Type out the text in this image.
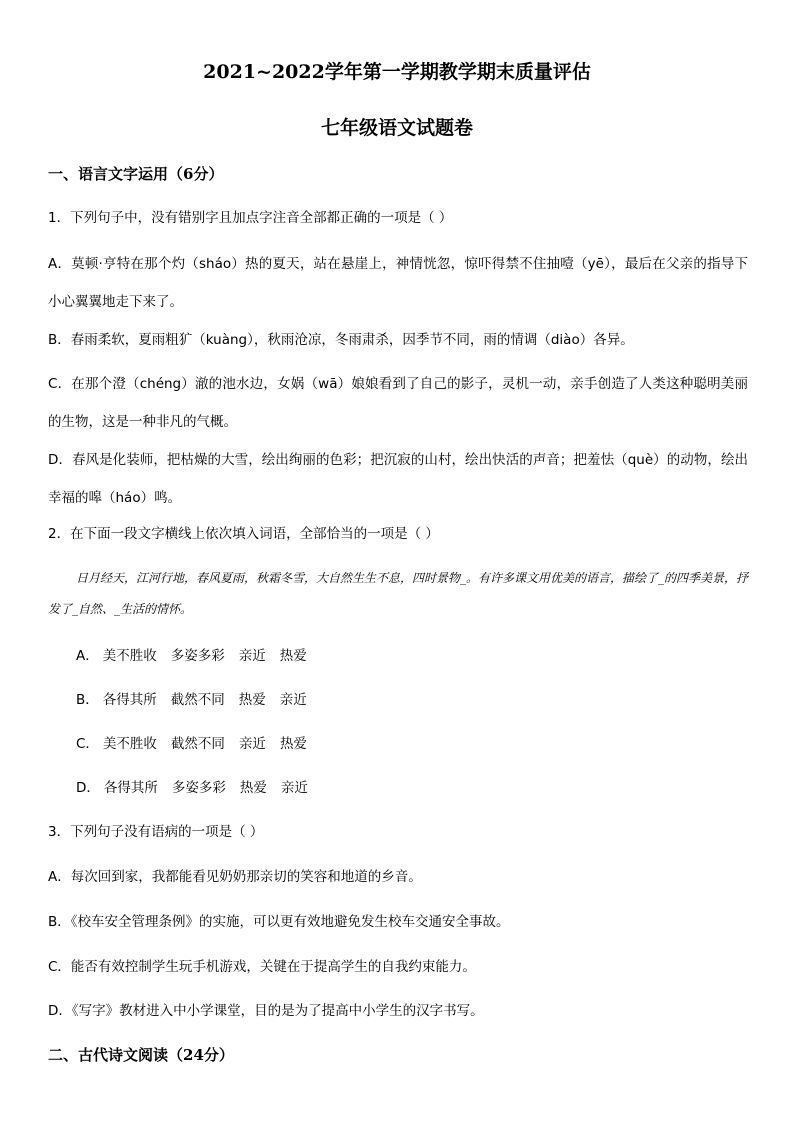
2021~2022学年第一学期教学期末质量评估
七年级语文试题卷
一、语言文字运用（6分）
1．下列句子中，没有错别字且加点字注音全部都正确的一项是（ ）
A．莫顿·亨特在那个灼（sháo）热的夏天，站在悬崖上，神情恍忽，惊吓得禁不住抽噎（yē），最后在父亲的指导下小心翼翼地走下来了。
B．春雨柔软，夏雨粗犷（kuàng），秋雨沧凉，冬雨肃杀，因季节不同，雨的情调（diào）各异。
C．在那个澄（chéng）澈的池水边，女娲（wā）娘娘看到了自己的影子，灵机一动，亲手创造了人类这种聪明美丽的生物，这是一种非凡的气概。
D．春风是化装师，把枯燥的大雪，绘出绚丽的色彩；把沉寂的山村，绘出快活的声音；把羞怯（què）的动物，绘出幸福的嗥（háo）鸣。
2．在下面一段文字横线上依次填入词语，全部恰当的一项是（ ）
日月经天，江河行地，春风夏雨，秋霜冬雪，大自然生生不息，四时景物_。有许多课文用优美的语言，描绘了_的四季美景，抒发了_自然、_生活的情怀。
A． 美不胜收 多姿多彩 亲近 热爱
B． 各得其所 截然不同 热爱 亲近
C． 美不胜收 截然不同 亲近 热爱
D． 各得其所 多姿多彩 热爱 亲近
3．下列句子没有语病的一项是（ ）
A．每次回到家，我都能看见奶奶那亲切的笑容和地道的乡音。
B．《校车安全管理条例》的实施，可以更有效地避免发生校车交通安全事故。
C．能否有效控制学生玩手机游戏，关键在于提高学生的自我约束能力。
D．《写字》教材进入中小学课堂，目的是为了提高中小学生的汉字书写。
二、古代诗文阅读（24分）
